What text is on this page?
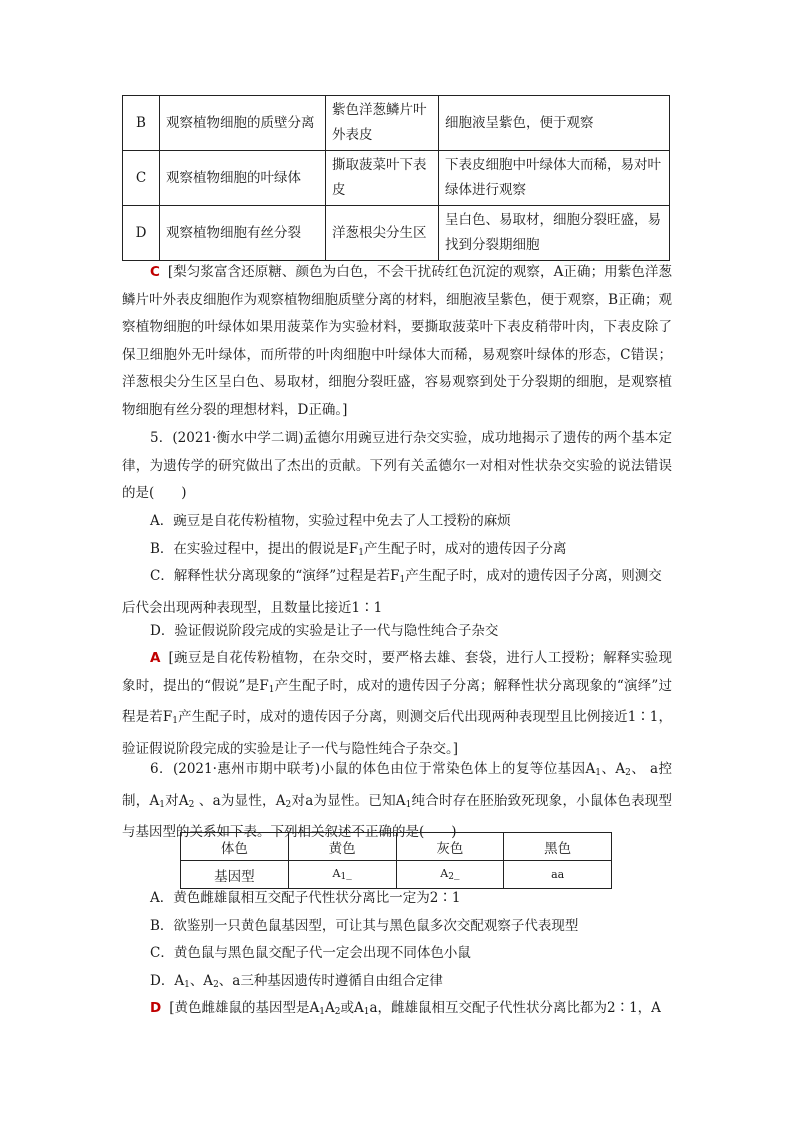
B	观察植物细胞的质壁分离	紫色洋葱鳞片叶外表皮	细胞液呈紫色，便于观察
C	观察植物细胞的叶绿体	撕取菠菜叶下表皮	下表皮细胞中叶绿体大而稀，易对叶绿体进行观察
D	观察植物细胞有丝分裂	洋葱根尖分生区	呈白色、易取材，细胞分裂旺盛，易找到分裂期细胞
C [梨匀浆富含还原糖、颜色为白色，不会干扰砖红色沉淀的观察，A正确；用紫色洋葱鳞片叶外表皮细胞作为观察植物细胞质壁分离的材料，细胞液呈紫色，便于观察，B正确；观察植物细胞的叶绿体如果用菠菜作为实验材料，要撕取菠菜叶下表皮稍带叶肉，下表皮除了保卫细胞外无叶绿体，而所带的叶肉细胞中叶绿体大而稀，易观察叶绿体的形态，C错误；洋葱根尖分生区呈白色、易取材，细胞分裂旺盛，容易观察到处于分裂期的细胞，是观察植物细胞有丝分裂的理想材料，D正确。]
5．(2021·衡水中学二调)孟德尔用豌豆进行杂交实验，成功地揭示了遗传的两个基本定律，为遗传学的研究做出了杰出的贡献。下列有关孟德尔一对相对性状杂交实验的说法错误的是(　　)
A．豌豆是自花传粉植物，实验过程中免去了人工授粉的麻烦
B．在实验过程中，提出的假说是$F_1$产生配子时，成对的遗传因子分离
C．解释性状分离现象的“演绎”过程是若$F_1$产生配子时，成对的遗传因子分离，则测交后代会出现两种表现型，且数量比接近1∶1
D．验证假说阶段完成的实验是让子一代与隐性纯合子杂交
A [豌豆是自花传粉植物，在杂交时，要严格去雄、套袋，进行人工授粉；解释实验现象时，提出的“假说”是$F_1$产生配子时，成对的遗传因子分离；解释性状分离现象的“演绎”过程是若$F_1$产生配子时，成对的遗传因子分离，则测交后代出现两种表现型且比例接近1∶1，验证假说阶段完成的实验是让子一代与隐性纯合子杂交。]
6．(2021·惠州市期中联考)小鼠的体色由位于常染色体上的复等位基因$A_1$、$A_2$、 a控制，$A_1$对$A_2$ 、a为显性，$A_2$对a为显性。已知$A_1$纯合时存在胚胎致死现象，小鼠体色表现型与基因型的关系如下表。下列相关叙述不正确的是(　　)
体色	黄色	灰色	黑色
基因型	$A_1\_$	$A_2\_$	aa
A．黄色雌雄鼠相互交配子代性状分离比一定为2∶1
B．欲鉴别一只黄色鼠基因型，可让其与黑色鼠多次交配观察子代表现型
C．黄色鼠与黑色鼠交配子代一定会出现不同体色小鼠
D．$A_1$、$A_2$、a三种基因遗传时遵循自由组合定律
D [黄色雌雄鼠的基因型是$A_1A_2$或$A_1a$，雌雄鼠相互交配子代性状分离比都为2∶1，A
